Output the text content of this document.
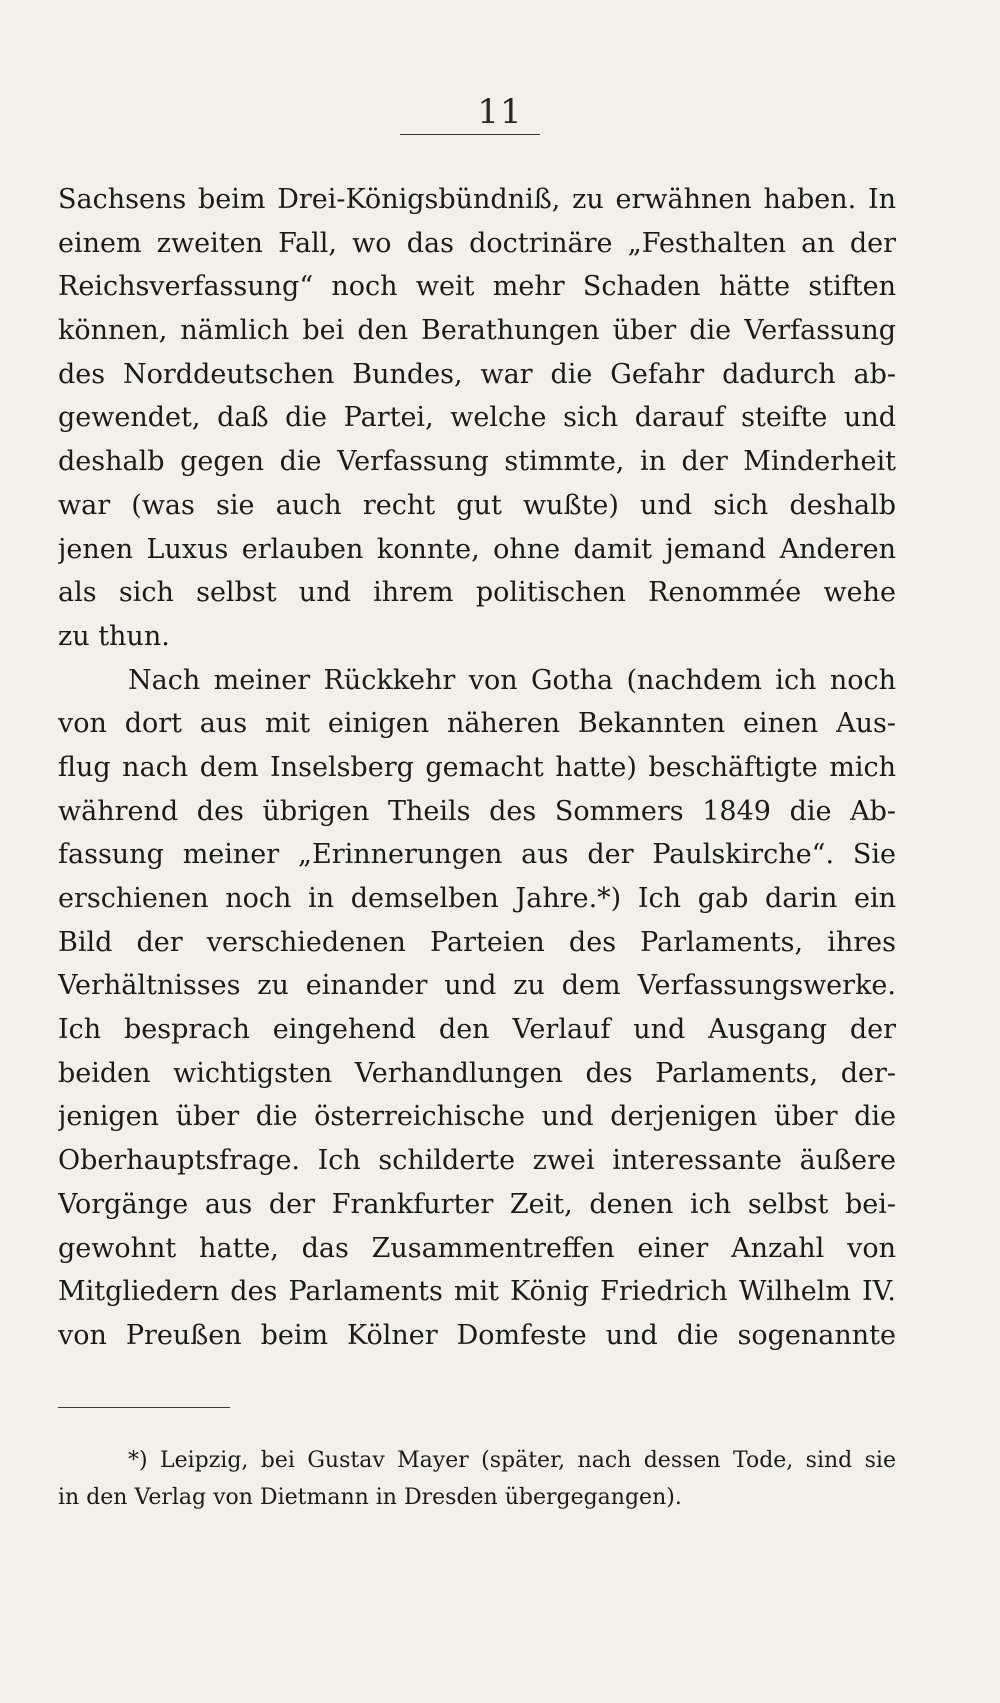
11
Sachsens beim Drei-Königsbündniß, zu erwähnen haben. In
einem zweiten Fall, wo das doctrinäre „Festhalten an der
Reichsverfassung“ noch weit mehr Schaden hätte stiften
können, nämlich bei den Berathungen über die Verfassung
des Norddeutschen Bundes, war die Gefahr dadurch ab-
gewendet, daß die Partei, welche sich darauf steifte und
deshalb gegen die Verfassung stimmte, in der Minderheit
war (was sie auch recht gut wußte) und sich deshalb
jenen Luxus erlauben konnte, ohne damit jemand Anderen
als sich selbst und ihrem politischen Renommée wehe
zu thun.
Nach meiner Rückkehr von Gotha (nachdem ich noch
von dort aus mit einigen näheren Bekannten einen Aus-
flug nach dem Inselsberg gemacht hatte) beschäftigte mich
während des übrigen Theils des Sommers 1849 die Ab-
fassung meiner „Erinnerungen aus der Paulskirche“. Sie
erschienen noch in demselben Jahre.*) Ich gab darin ein
Bild der verschiedenen Parteien des Parlaments, ihres
Verhältnisses zu einander und zu dem Verfassungswerke.
Ich besprach eingehend den Verlauf und Ausgang der
beiden wichtigsten Verhandlungen des Parlaments, der-
jenigen über die österreichische und derjenigen über die
Oberhauptsfrage. Ich schilderte zwei interessante äußere
Vorgänge aus der Frankfurter Zeit, denen ich selbst bei-
gewohnt hatte, das Zusammentreffen einer Anzahl von
Mitgliedern des Parlaments mit König Friedrich Wilhelm IV.
von Preußen beim Kölner Domfeste und die sogenannte
*) Leipzig, bei Gustav Mayer (später, nach dessen Tode, sind sie
in den Verlag von Dietmann in Dresden übergegangen).
